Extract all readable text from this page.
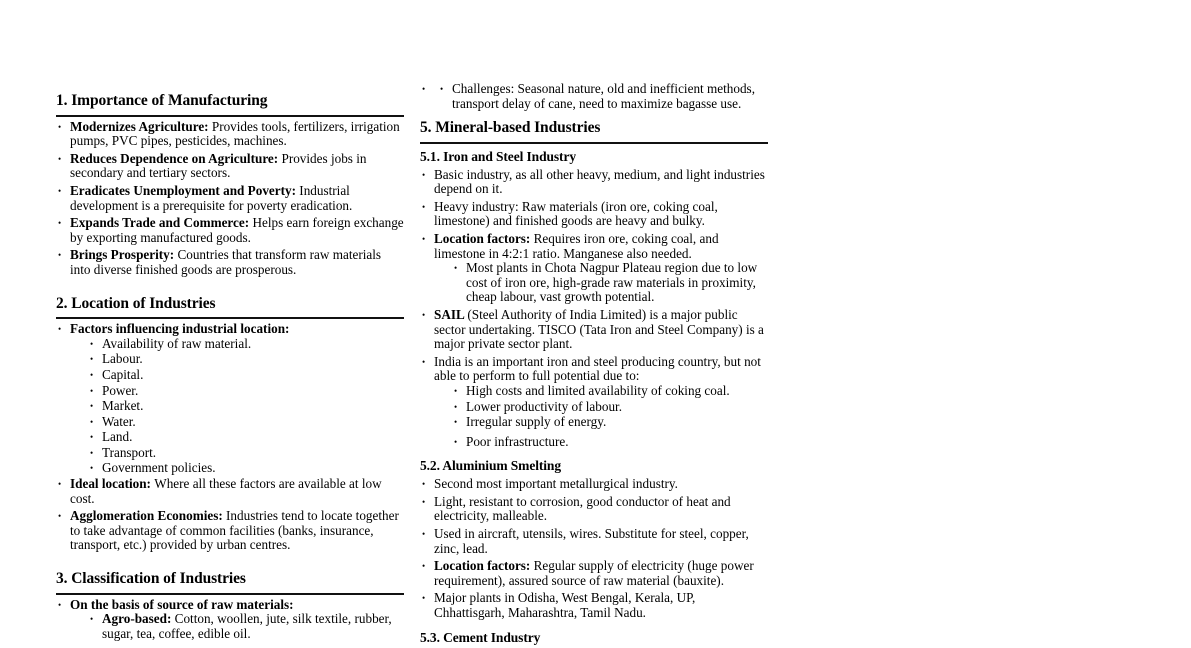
1. Importance of Manufacturing
• Modernizes Agriculture: Provides tools, fertilizers, irrigation pumps, PVC pipes, pesticides, machines.
• Reduces Dependence on Agriculture: Provides jobs in secondary and tertiary sectors.
• Eradicates Unemployment and Poverty: Industrial development is a prerequisite for poverty eradication.
• Expands Trade and Commerce: Helps earn foreign exchange by exporting manufactured goods.
• Brings Prosperity: Countries that transform raw materials into diverse finished goods are prosperous.
2. Location of Industries
• Factors influencing industrial location:
• Availability of raw material.
• Labour.
• Capital.
• Power.
• Market.
• Water.
• Land.
• Transport.
• Government policies.
• Ideal location: Where all these factors are available at low cost.
• Agglomeration Economies: Industries tend to locate together to take advantage of common facilities (banks, insurance, transport, etc.) provided by urban centres.
3. Classification of Industries
• On the basis of source of raw materials:
• Agro-based: Cotton, woollen, jute, silk textile, rubber, sugar, tea, coffee, edible oil.
• • Challenges: Seasonal nature, old and inefficient methods, transport delay of cane, need to maximize bagasse use.
5. Mineral-based Industries
5.1. Iron and Steel Industry
• Basic industry, as all other heavy, medium, and light industries depend on it.
• Heavy industry: Raw materials (iron ore, coking coal, limestone) and finished goods are heavy and bulky.
• Location factors: Requires iron ore, coking coal, and limestone in 4:2:1 ratio. Manganese also needed.
• Most plants in Chota Nagpur Plateau region due to low cost of iron ore, high-grade raw materials in proximity, cheap labour, vast growth potential.
• SAIL (Steel Authority of India Limited) is a major public sector undertaking. TISCO (Tata Iron and Steel Company) is a major private sector plant.
• India is an important iron and steel producing country, but not able to perform to full potential due to:
• High costs and limited availability of coking coal.
• Lower productivity of labour.
• Irregular supply of energy.
• Poor infrastructure.
5.2. Aluminium Smelting
• Second most important metallurgical industry.
• Light, resistant to corrosion, good conductor of heat and electricity, malleable.
• Used in aircraft, utensils, wires. Substitute for steel, copper, zinc, lead.
• Location factors: Regular supply of electricity (huge power requirement), assured source of raw material (bauxite).
• Major plants in Odisha, West Bengal, Kerala, UP, Chhattisgarh, Maharashtra, Tamil Nadu.
5.3. Cement Industry
